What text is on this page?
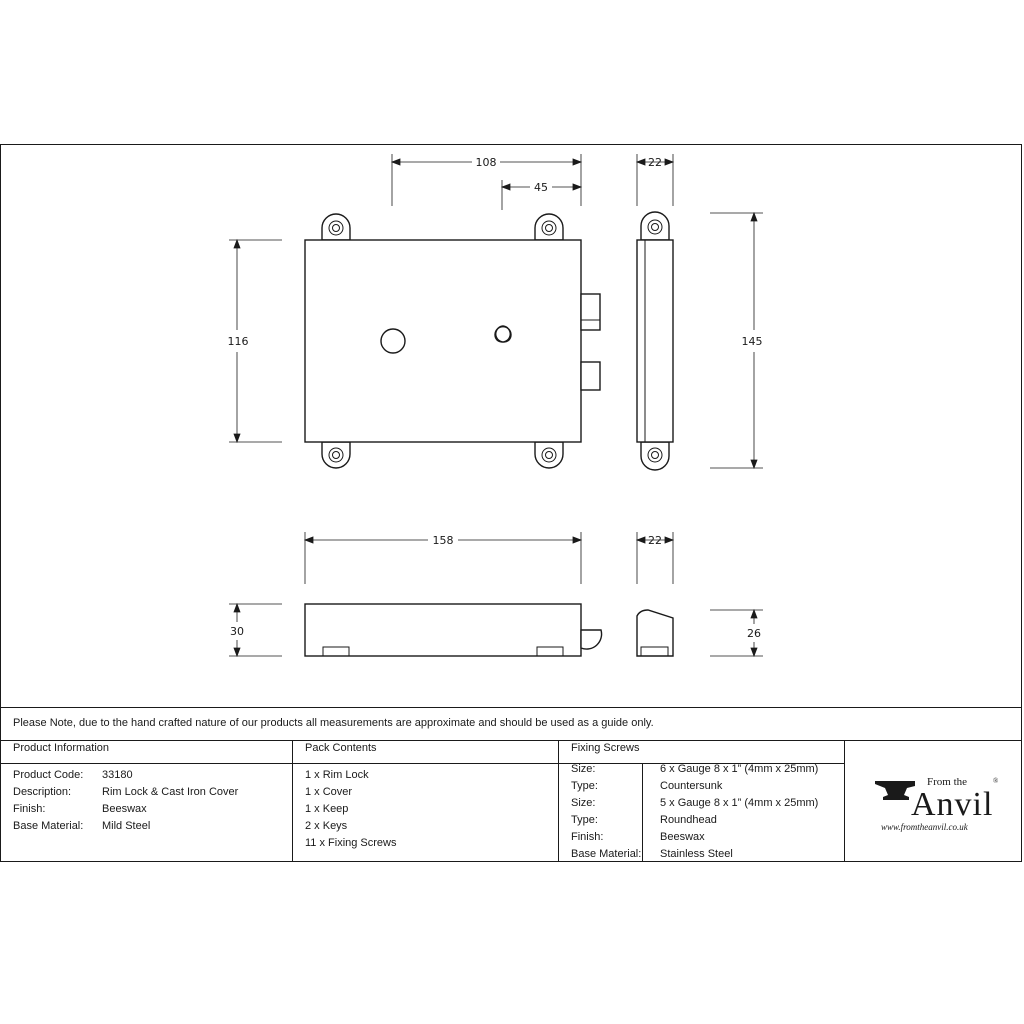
108
45
22
116	145
158	22
30	26
Please Note, due to the hand crafted nature of our products all measurements are approximate and should be used as a guide only.
Product Information	Pack Contents	Fixing Screws
Product Code: 33180
Description:	Rim Lock & Cast Iron Cover
Finish:	Beeswax
Base Material: Mild Steel
1 x Rim Lock
1 x Cover
1 x Keep
2 x Keys
11 x Fixing Screws
Size:	6 x Gauge 8 x 1” (4mm x 25mm)
Type:	Countersunk
Size:	5 x Gauge 8 x 1” (4mm x 25mm)
Type:	Roundhead
Finish:	Beeswax
Base Material: Stainless Steel
From the	®
Anvil
www.fromtheanvil.co.uk
